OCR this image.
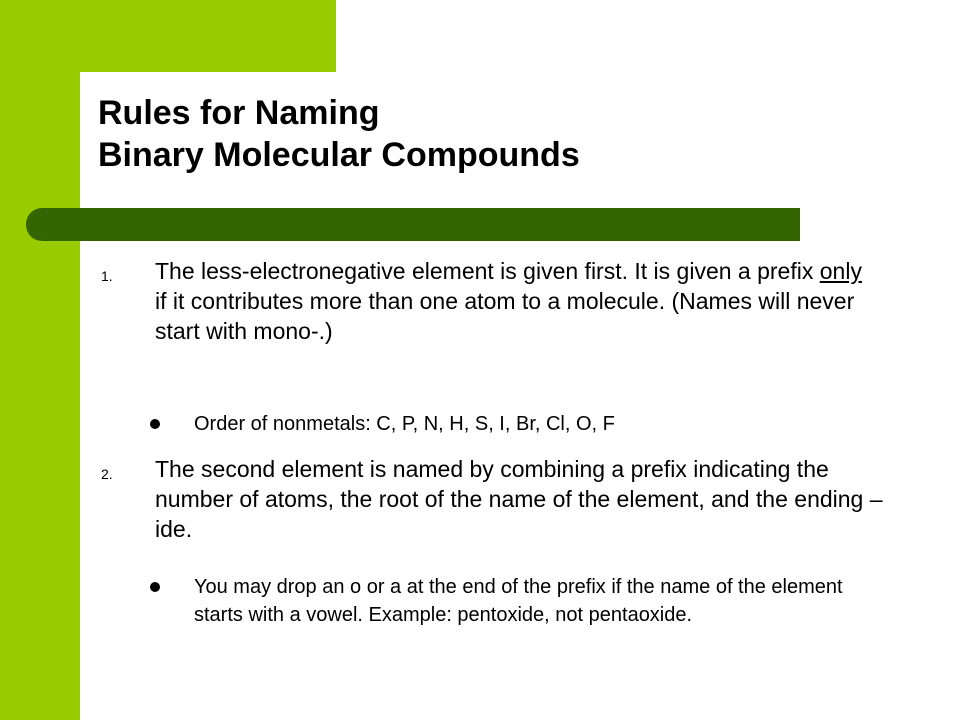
Rules for Naming
Binary Molecular Compounds
1. The less-electronegative element is given first. It is given a prefix only if it contributes more than one atom to a molecule. (Names will never start with mono-.)

Order of nonmetals: C, P, N, H, S, I, Br, Cl, O, F

2. The second element is named by combining a prefix indicating the number of atoms, the root of the name of the element, and the ending –ide.

You may drop an o or a at the end of the prefix if the name of the element starts with a vowel. Example: pentoxide, not pentaoxide.
